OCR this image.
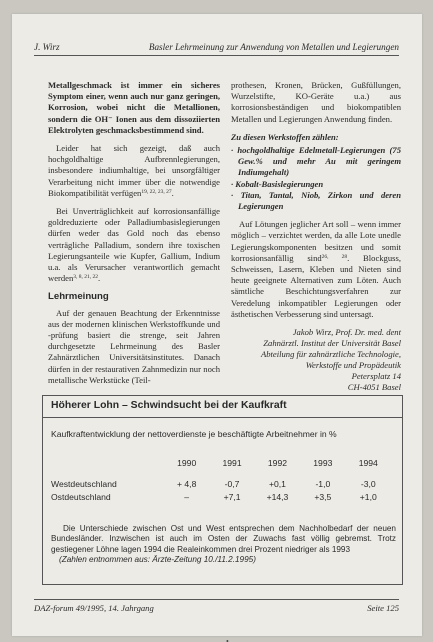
J. Wirz	Basler Lehrmeinung zur Anwendung von Metallen und Legierungen

Metallgeschmack ist immer ein sicheres Symptom einer, wenn auch nur ganz geringen, Korrosion, wobei nicht die Metallionen, sondern die OH⁻ Ionen aus dem dissoziierten Elektrolyten geschmacksbestimmend sind.

Leider hat sich gezeigt, daß auch hochgoldhaltige Aufbrennlegierungen, insbesondere indiumhaltige, bei unsorgfältiger Verarbeitung nicht immer über die notwendige Biokompatibilität verfügen$^{19, 22, 23, 27}$.

Bei Unverträglichkeit auf korrosionsanfällige goldreduzierte oder Palladiumbasislegierungen dürfen weder das Gold noch das ebenso verträgliche Palladium, sondern ihre toxischen Legierungsanteile wie Kupfer, Gallium, Indium u.a. als Verursacher verantwortlich gemacht werden$^{3, 8, 21, 22}$.

Lehrmeinung

Auf der genauen Beachtung der Erkenntnisse aus der modernen klinischen Werkstoffkunde und -prüfung basiert die strenge, seit Jahren durchgesetzte Lehrmeinung des Basler Zahnärztlichen Universitätsinstitutes. Danach dürfen in der restaurativen Zahnmedizin nur noch metallische Werkstücke (Teil-

prothesen, Kronen, Brücken, Gußfüllungen, Wurzelstifte, KO-Geräte u.a.) aus korrosionsbeständigen und biokompatiblen Metallen und Legierungen Anwendung finden.

Zu diesen Werkstoffen zählen:

· hochgoldhaltige Edelmetall-Legierungen (75 Gew.% und mehr Au mit geringem Indiumgehalt)
· Kobalt-Basislegierungen
· Titan, Tantal, Niob, Zirkon und deren Legierungen

Auf Lötungen jeglicher Art soll – wenn immer möglich – verzichtet werden, da alle Lote unedle Legierungskomponenten besitzen und somit korrosionsanfällig sind$^{26, 28}$. Blockguss, Schweissen, Lasern, Kleben und Nieten sind heute geeignete Alternativen zum Löten. Auch sämtliche Beschichtungsverfahren zur Veredelung inkompatibler Legierungen oder ästhetischen Verbesserung sind untersagt.

Jakob Wirz, Prof. Dr. med. dent
Zahnärztl. Institut der Universität Basel
Abteilung für zahnärztliche Technologie,
Werkstoffe und Propädeutik
Petersplatz 14
CH-4051 Basel
Höherer Lohn – Schwindsucht bei der Kaufkraft
Kaufkraftentwicklung der nettoverdienste je beschäftigte Arbeitnehmer in %
	1990	1991	1992	1993	1994

Westdeutschland	+ 4,8	-0,7	+0,1	-1,0	-3,0
Ostdeutschland	–	+7,1	+14,3	+3,5	+1,0
Die Unterschiede zwischen Ost und West entsprechen dem Nachholbedarf der neuen Bundesländer. Inzwischen ist auch im Osten der Zuwachs fast völlig gebremst. Trotz gestiegener Löhne lagen 1994 die Realeinkommen drei Prozent niedriger als 1993
(Zahlen entnommen aus: Ärzte-Zeitung 10./11.2.1995)
DAZ-forum 49/1995, 14. Jahrgang	Seite 125
•
